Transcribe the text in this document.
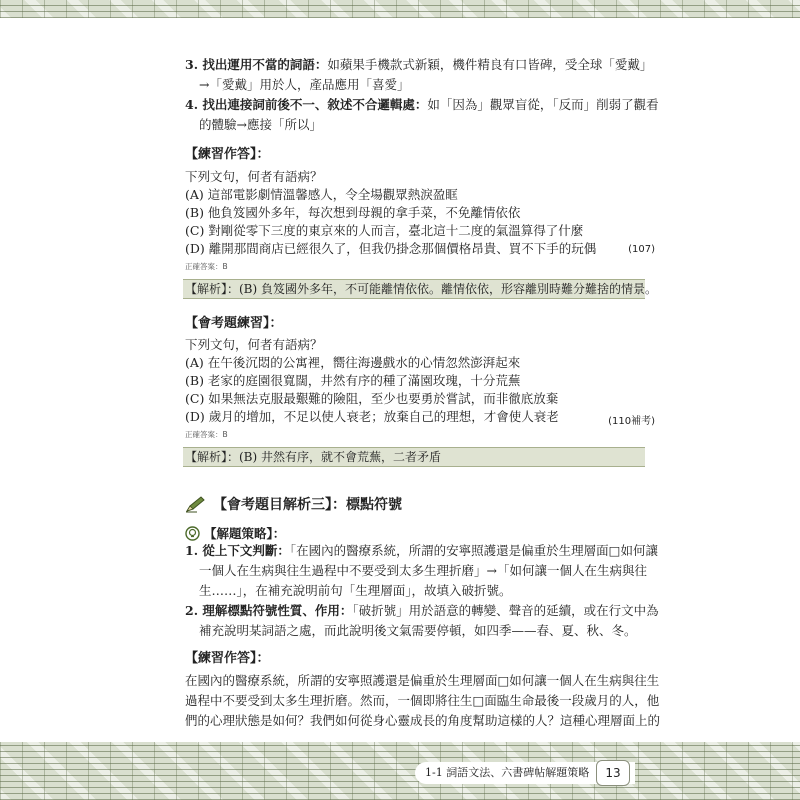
3. 找出運用不當的詞語：如蘋果手機款式新穎，機件精良有口皆碑，受全球「愛戴」
→「愛戴」用於人，產品應用「喜愛」
4. 找出連接詞前後不一、敘述不合邏輯處：如「因為」觀眾盲從，「反而」削弱了觀看
的體驗→應接「所以」
【練習作答】：
下列文句，何者有語病？
(A) 這部電影劇情溫馨感人，令全場觀眾熱淚盈眶
(B) 他負笈國外多年，每次想到母親的拿手菜，不免離情依依
(C) 對剛從零下三度的東京來的人而言，臺北這十二度的氣溫算得了什麼
(D) 離開那間商店已經很久了，但我仍掛念那個價格昂貴、買不下手的玩偶	(107)
正確答案：B
【解析】：(B) 負笈國外多年，不可能離情依依。離情依依，形容離別時難分難捨的情景。
【會考題練習】：
下列文句，何者有語病？
(A) 在午後沉悶的公寓裡，嚮往海邊戲水的心情忽然澎湃起來
(B) 老家的庭園很寬闊，井然有序的種了滿園玫瑰，十分荒蕪
(C) 如果無法克服最艱難的險阻，至少也要勇於嘗試，而非徹底放棄
(D) 歲月的增加，不足以使人衰老；放棄自己的理想，才會使人衰老	(110補考)
正確答案：B
【解析】：(B) 井然有序，就不會荒蕪，二者矛盾
【會考題目解析三】：標點符號
【解題策略】：
1. 從上下文判斷：「在國內的醫療系統，所謂的安寧照護還是偏重於生理層面□如何讓
一個人在生病與往生過程中不要受到太多生理折磨」→「如何讓一個人在生病與往
生……」，在補充說明前句「生理層面」，故填入破折號。
2. 理解標點符號性質、作用：「破折號」用於語意的轉變、聲音的延續，或在行文中為
補充說明某詞語之處，而此說明後文氣需要停頓，如四季——春、夏、秋、冬。
【練習作答】：
在國內的醫療系統，所謂的安寧照護還是偏重於生理層面□如何讓一個人在生病與往生
過程中不要受到太多生理折磨。然而，一個即將往生□面臨生命最後一段歲月的人，他
們的心理狀態是如何？我們如何從身心靈成長的角度幫助這樣的人？這種心理層面上的
1-1 詞語文法、六書碑帖解題策略	13
